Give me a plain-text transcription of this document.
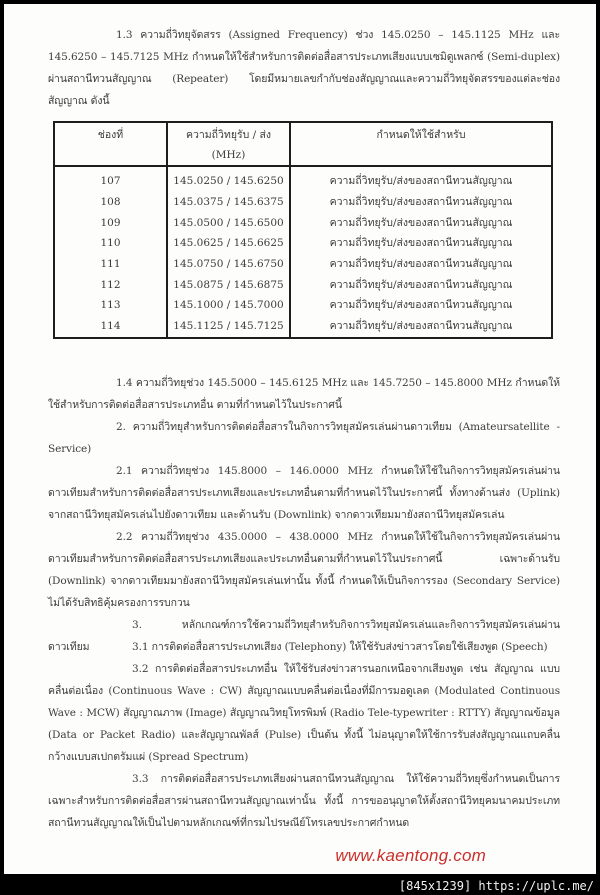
1.3 ความถี่วิทยุจัดสรร (Assigned Frequency) ช่วง 145.0250 – 145.1125 MHz และ 145.6250 – 145.7125 MHz กำหนดให้ใช้สำหรับการติดต่อสื่อสารประเภทเสียงแบบเซมิดูเพลกซ์ (Semi-duplex) ผ่านสถานีทวนสัญญาณ (Repeater) โดยมีหมายเลขกำกับช่องสัญญาณและความถี่วิทยุจัดสรรของแต่ละช่องสัญญาณ ดังนี้

ช่องที่	ความถี่วิทยุรับ / ส่ง (MHz)	กำหนดให้ใช้สำหรับ
107	145.0250 / 145.6250	ความถี่วิทยุรับ/ส่งของสถานีทวนสัญญาณ
108	145.0375 / 145.6375	ความถี่วิทยุรับ/ส่งของสถานีทวนสัญญาณ
109	145.0500 / 145.6500	ความถี่วิทยุรับ/ส่งของสถานีทวนสัญญาณ
110	145.0625 / 145.6625	ความถี่วิทยุรับ/ส่งของสถานีทวนสัญญาณ
111	145.0750 / 145.6750	ความถี่วิทยุรับ/ส่งของสถานีทวนสัญญาณ
112	145.0875 / 145.6875	ความถี่วิทยุรับ/ส่งของสถานีทวนสัญญาณ
113	145.1000 / 145.7000	ความถี่วิทยุรับ/ส่งของสถานีทวนสัญญาณ
114	145.1125 / 145.7125	ความถี่วิทยุรับ/ส่งของสถานีทวนสัญญาณ

1.4 ความถี่วิทยุช่วง 145.5000 – 145.6125 MHz และ 145.7250 – 145.8000 MHz กำหนดให้ใช้สำหรับการติดต่อสื่อสารประเภทอื่น ตามที่กำหนดไว้ในประกาศนี้

2. ความถี่วิทยุสำหรับการติดต่อสื่อสารในกิจการวิทยุสมัครเล่นผ่านดาวเทียม (Amateursatellite - Service)

2.1 ความถี่วิทยุช่วง 145.8000 – 146.0000 MHz กำหนดให้ใช้ในกิจการวิทยุสมัครเล่นผ่านดาวเทียมสำหรับการติดต่อสื่อสารประเภทเสียงและประเภทอื่นตามที่กำหนดไว้ในประกาศนี้ ทั้งทางด้านส่ง (Uplink) จากสถานีวิทยุสมัครเล่นไปยังดาวเทียม และด้านรับ (Downlink) จากดาวเทียมมายังสถานีวิทยุสมัครเล่น

2.2 ความถี่วิทยุช่วง 435.0000 – 438.0000 MHz กำหนดให้ใช้ในกิจการวิทยุสมัครเล่นผ่านดาวเทียมสำหรับการติดต่อสื่อสารประเภทเสียงและประเภทอื่นตามที่กำหนดไว้ในประกาศนี้ เฉพาะด้านรับ (Downlink) จากดาวเทียมมายังสถานีวิทยุสมัครเล่นเท่านั้น ทั้งนี้ กำหนดให้เป็นกิจการรอง (Secondary Service) ไม่ได้รับสิทธิคุ้มครองการรบกวน

3. หลักเกณฑ์การใช้ความถี่วิทยุสำหรับกิจการวิทยุสมัครเล่นและกิจการวิทยุสมัครเล่นผ่านดาวเทียม	3.1 การติดต่อสื่อสารประเภทเสียง (Telephony) ให้ใช้รับส่งข่าวสารโดยใช้เสียงพูด (Speech)

3.2 การติดต่อสื่อสารประเภทอื่น ให้ใช้รับส่งข่าวสารนอกเหนือจากเสียงพูด เช่น สัญญาณ แบบคลื่นต่อเนื่อง (Continuous Wave : CW) สัญญาณแบบคลื่นต่อเนื่องที่มีการมอดูเลต (Modulated Continuous Wave : MCW) สัญญาณภาพ (Image) สัญญาณวิทยุโทรพิมพ์ (Radio Tele-typewriter : RTTY) สัญญาณข้อมูล (Data or Packet Radio) และสัญญาณพัลส์ (Pulse) เป็นต้น ทั้งนี้ ไม่อนุญาตให้ใช้การรับส่งสัญญาณแถบคลื่นกว้างแบบสเปกตรัมแผ่ (Spread Spectrum)

3.3 การติดต่อสื่อสารประเภทเสียงผ่านสถานีทวนสัญญาณ ให้ใช้ความถี่วิทยุซึ่งกำหนดเป็นการเฉพาะสำหรับการติดต่อสื่อสารผ่านสถานีทวนสัญญาณเท่านั้น ทั้งนี้ การขออนุญาตให้ตั้งสถานีวิทยุคมนาคมประเภทสถานีทวนสัญญาณให้เป็นไปตามหลักเกณฑ์ที่กรมไปรษณีย์โทรเลขประกาศกำหนด

www.kaentong.com
[845x1239] https://uplc.me/
